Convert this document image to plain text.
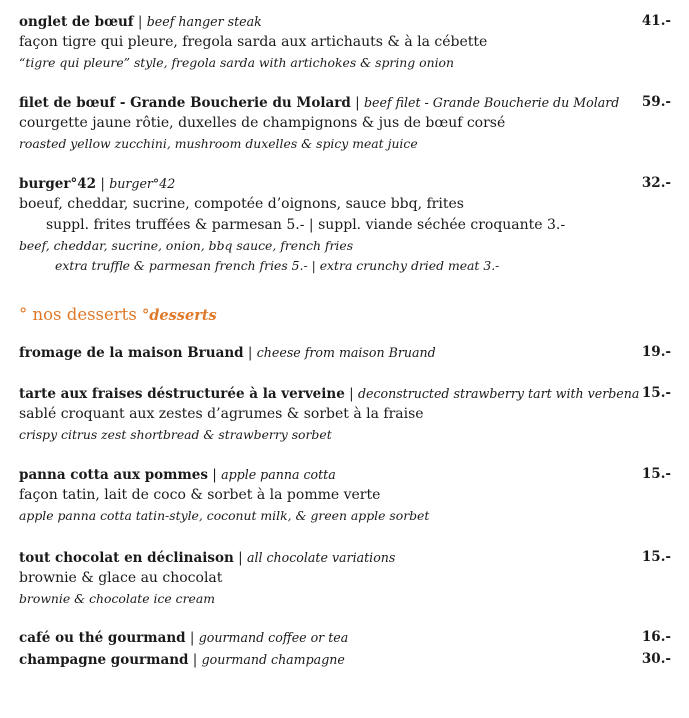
onglet de bœuf | beef hanger steak	41.-
façon tigre qui pleure, fregola sarda aux artichauts & à la cébette
“tigre qui pleure” style, fregola sarda with artichokes & spring onion
filet de bœuf - Grande Boucherie du Molard | beef filet - Grande Boucherie du Molard 59.-
courgette jaune rôtie, duxelles de champignons & jus de bœuf corsé
roasted yellow zucchini, mushroom duxelles & spicy meat juice
burger°42 | burger°42	32.-
boeuf, cheddar, sucrine, compotée d’oignons, sauce bbq, frites
suppl. frites truffées & parmesan 5.- | suppl. viande séchée croquante 3.-
beef, cheddar, sucrine, onion, bbq sauce, french fries
extra truffle & parmesan french fries 5.- | extra crunchy dried meat 3.-
° nos desserts °desserts
fromage de la maison Bruand | cheese from maison Bruand	19.-
tarte aux fraises déstructurée à la verveine | deconstructed strawberry tart with verbena 15.-
sablé croquant aux zestes d’agrumes & sorbet à la fraise
crispy citrus zest shortbread & strawberry sorbet
panna cotta aux pommes | apple panna cotta	15.-
façon tatin, lait de coco & sorbet à la pomme verte
apple panna cotta tatin-style, coconut milk, & green apple sorbet
tout chocolat en déclinaison | all chocolate variations	15.-
brownie & glace au chocolat
brownie & chocolate ice cream
café ou thé gourmand | gourmand coffee or tea	16.-
champagne gourmand | gourmand champagne	30.-
